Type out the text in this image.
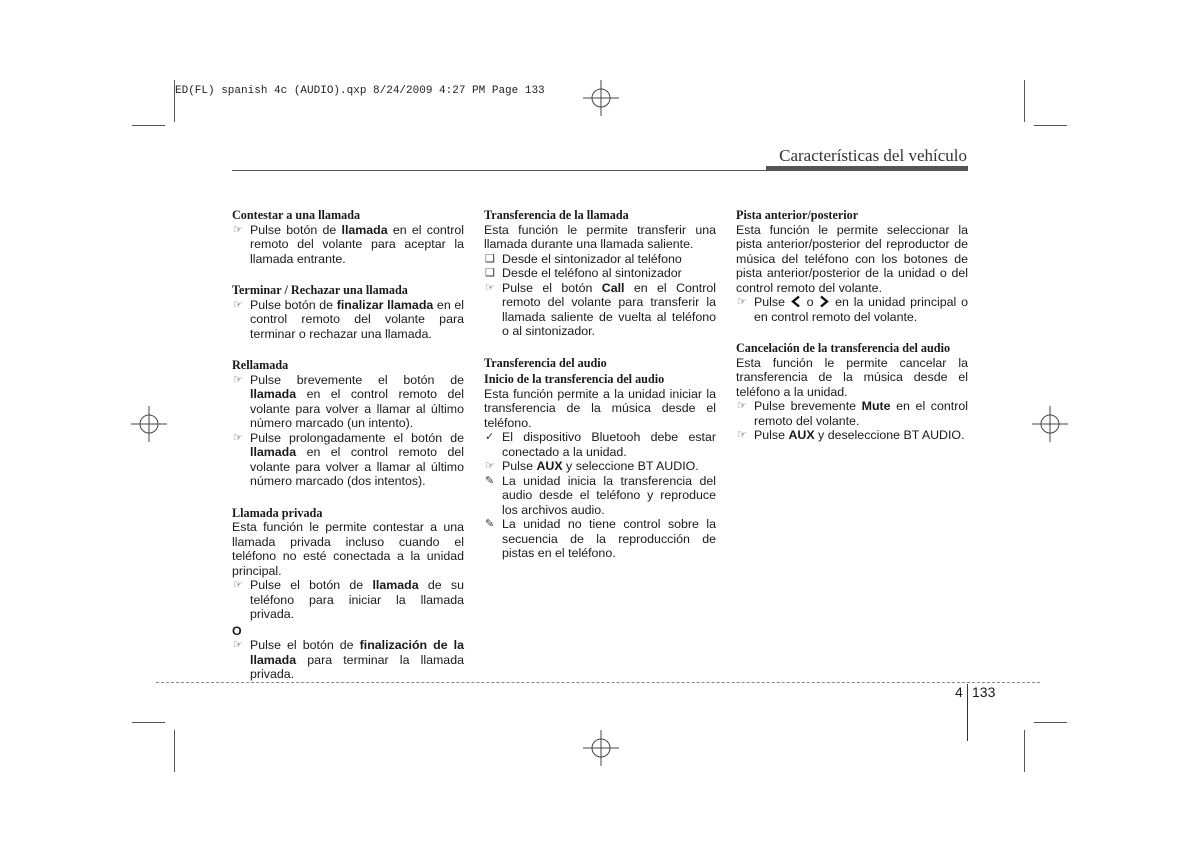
ED(FL) spanish 4c (AUDIO).qxp 8/24/2009 4:27 PM Page 133
Características del vehículo
Contestar a una llamada
☞ Pulse botón de llamada en el control remoto del volante para aceptar la llamada entrante.
Terminar / Rechazar una llamada
☞ Pulse botón de finalizar llamada en el control remoto del volante para terminar o rechazar una llamada.
Rellamada
☞ Pulse brevemente el botón de llamada en el control remoto del volante para volver a llamar al último número marcado (un intento).
☞ Pulse prolongadamente el botón de llamada en el control remoto del volante para volver a llamar al último número marcado (dos intentos).
Llamada privada

Esta función le permite contestar a una llamada privada incluso cuando el teléfono no esté conectada a la unidad principal.

☞ Pulse el botón de llamada de su teléfono para iniciar la llamada privada.

O

☞ Pulse el botón de finalización de la llamada para terminar la llamada privada.
Transferencia de la llamada

Esta función le permite transferir una llamada durante una llamada saliente.

❑ Desde el sintonizador al teléfono
❑ Desde el teléfono al sintonizador
☞ Pulse el botón Call en el Control remoto del volante para transferir la llamada saliente de vuelta al teléfono o al sintonizador.
Transferencia del audio
Inicio de la transferencia del audio

Esta función permite a la unidad iniciar la transferencia de la música desde el teléfono.

✓ El dispositivo Bluetooh debe estar conectado a la unidad.
☞ Pulse AUX y seleccione BT AUDIO.
✎ La unidad inicia la transferencia del audio desde el teléfono y reproduce los archivos audio.
✎ La unidad no tiene control sobre la secuencia de la reproducción de pistas en el teléfono.
Pista anterior/posterior

Esta función le permite seleccionar la pista anterior/posterior del reproductor de música del teléfono con los botones de pista anterior/posterior de la unidad o del control remoto del volante.

☞ Pulse  o  en la unidad principal o en control remoto del volante.
Cancelación de la transferencia del audio

Esta función le permite cancelar la transferencia de la música desde el teléfono a la unidad.

☞ Pulse brevemente Mute en el control remoto del volante.
☞ Pulse AUX y deseleccione BT AUDIO.
4 133
